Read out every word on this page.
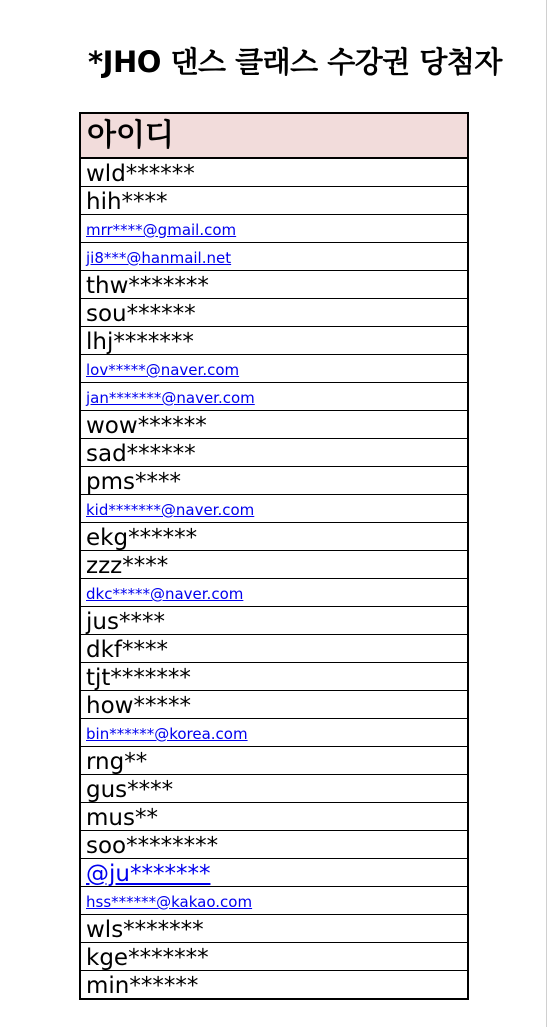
*JHO 댄스 클래스 수강권 당첨자
아이디
wld******
hih****
mrr****@gmail.com
ji8***@hanmail.net
thw*******
sou******
lhj*******
lov*****@naver.com
jan*******@naver.com
wow******
sad******
pms****
kid*******@naver.com
ekg******
zzz****
dkc*****@naver.com
jus****
dkf****
tjt*******
how*****
bin******@korea.com
rng**
gus****
mus**
soo********
@ju*******
hss******@kakao.com
wls*******
kge*******
min******
